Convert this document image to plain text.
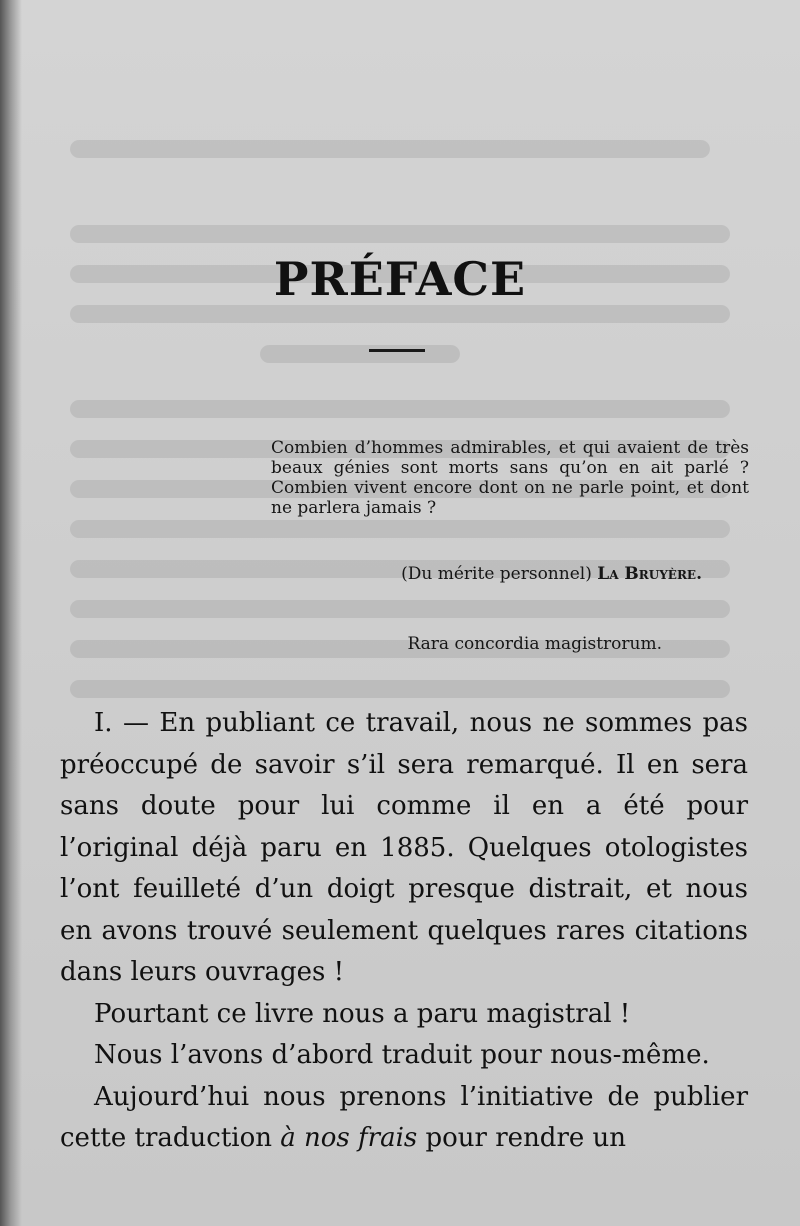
PRÉFACE
Combien d’hommes admirables, et qui avaient de très beaux génies sont morts sans qu’on en ait parlé ? Combien vivent encore dont on ne parle point, et dont ne parlera jamais ?
(Du mérite personnel) La Bruyère.
Rara concordia magistrorum.

I. — En publiant ce travail, nous ne sommes pas préoccupé de savoir s’il sera remarqué. Il en sera sans doute pour lui comme il en a été pour l’original déjà paru en 1885. Quelques otologistes l’ont feuilleté d’un doigt presque distrait, et nous en avons trouvé seulement quelques rares citations dans leurs ouvrages !

Pourtant ce livre nous a paru magistral !

Nous l’avons d’abord traduit pour nous-même.

Aujourd’hui nous prenons l’initiative de publier cette traduction à nos frais pour rendre un
